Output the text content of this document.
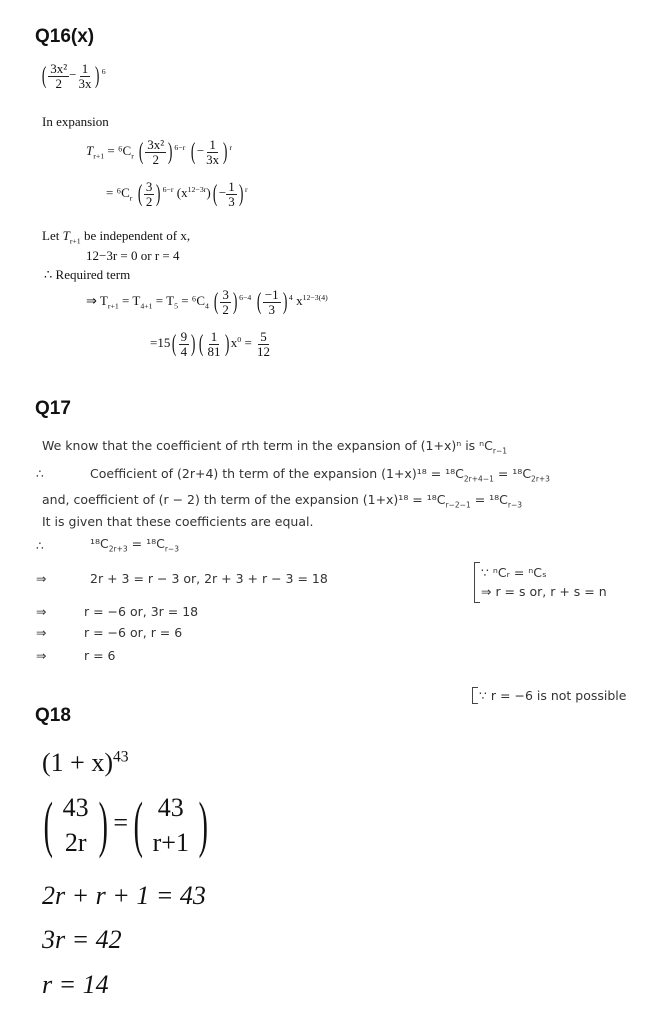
Q16(x)
( $\frac{\text{3x²}}{2} - \frac{1}{3x}$ ) $^6$
In expansion
$T_{r+1} = ^6C_r$ ( $\frac{\text{3x²}}{2}$ ) $^{6-r}$ ( − $\frac{1}{3x}$ ) $^r$
= $^6C_r$ ( $\frac{3}{2}$ ) $^{6-r}$ $(x^{12-3r})( - \frac{1}{3}$ ) $^r$
Let $T_{r+1}$ be independent of x,
12−3r = 0 or r = 4
∴ Required term
⇒ $T_{r+1} = T_{4+1} = T_5 = ^6C_4$ ( $\frac{3}{2}$ ) $^{6-4}$ ( $\frac{-1}{3}$ ) $^4$ $x^{12-3(4)}$
$=15( \frac{9}{4}$ ) ( $\frac{1}{81}$ ) $x^0 = \frac{5}{12}$
Q17
We know that the coefficient of rth term in the expansion of (1+x)ⁿ is ⁿC$_{r-1}$
∴	Coefficient of (2r+4) th term of the expansion $(1+x)^{18} = ^{18}C_{2r+4-1} = ^{18}C_{2r+3}$
and, coefficient of (r − 2) th term of the expansion $(1+x)^{18} = ^{18}C_{r-2-1} = ^{18}C_{r-3}$
It is given that these coefficients are equal.
∴	$^{18}C_{2r+3} = ^{18}C_{r-3}$
⇒	2r + 3 = r − 3 or, 2r + 3 + r − 3 = 18
⇒	r = −6 or, 3r = 18
⇒	r = −6 or, r = 6
⇒	r = 6
∵ ⁿCᵣ = ⁿCₛ
⇒ r = s or, r + s = n
∵ r = −6 is not possible
Q18
$(1 + x)^{43}$
( 43
2r ) = ( 43
r+1 )
2r + r + 1 = 43
3r = 42
r = 14
